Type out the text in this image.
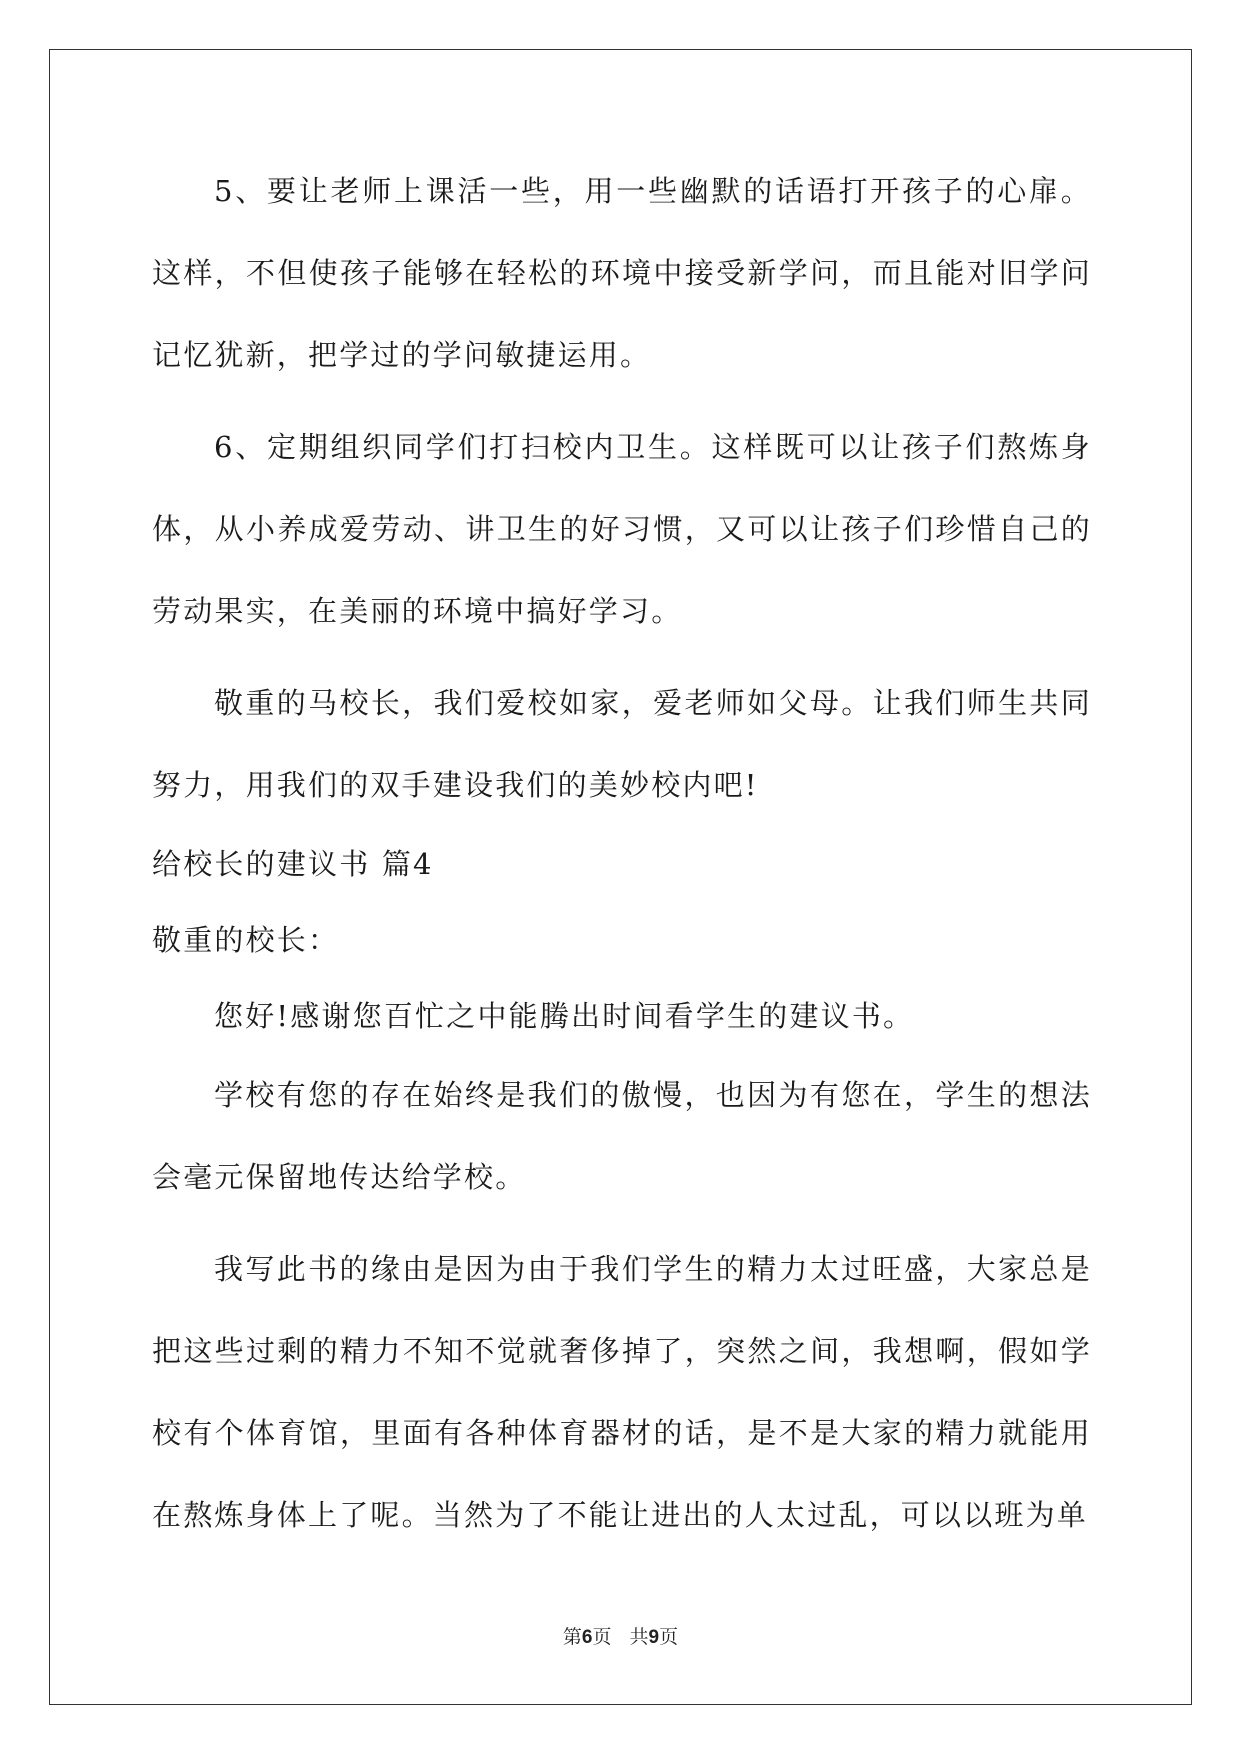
5、要让老师上课活一些，用一些幽默的话语打开孩子的心扉。这样，不但使孩子能够在轻松的环境中接受新学问，而且能对旧学问记忆犹新，把学过的学问敏捷运用。

6、定期组织同学们打扫校内卫生。这样既可以让孩子们熬炼身体，从小养成爱劳动、讲卫生的好习惯，又可以让孩子们珍惜自己的劳动果实，在美丽的环境中搞好学习。

敬重的马校长，我们爱校如家，爱老师如父母。让我们师生共同努力，用我们的双手建设我们的美妙校内吧!

给校长的建议书 篇4

敬重的校长：

您好!感谢您百忙之中能腾出时间看学生的建议书。

学校有您的存在始终是我们的傲慢，也因为有您在，学生的想法会毫元保留地传达给学校。

我写此书的缘由是因为由于我们学生的精力太过旺盛，大家总是把这些过剩的精力不知不觉就奢侈掉了，突然之间，我想啊，假如学校有个体育馆，里面有各种体育器材的话，是不是大家的精力就能用在熬炼身体上了呢。当然为了不能让进出的人太过乱，可以以班为单

第6页 共9页
